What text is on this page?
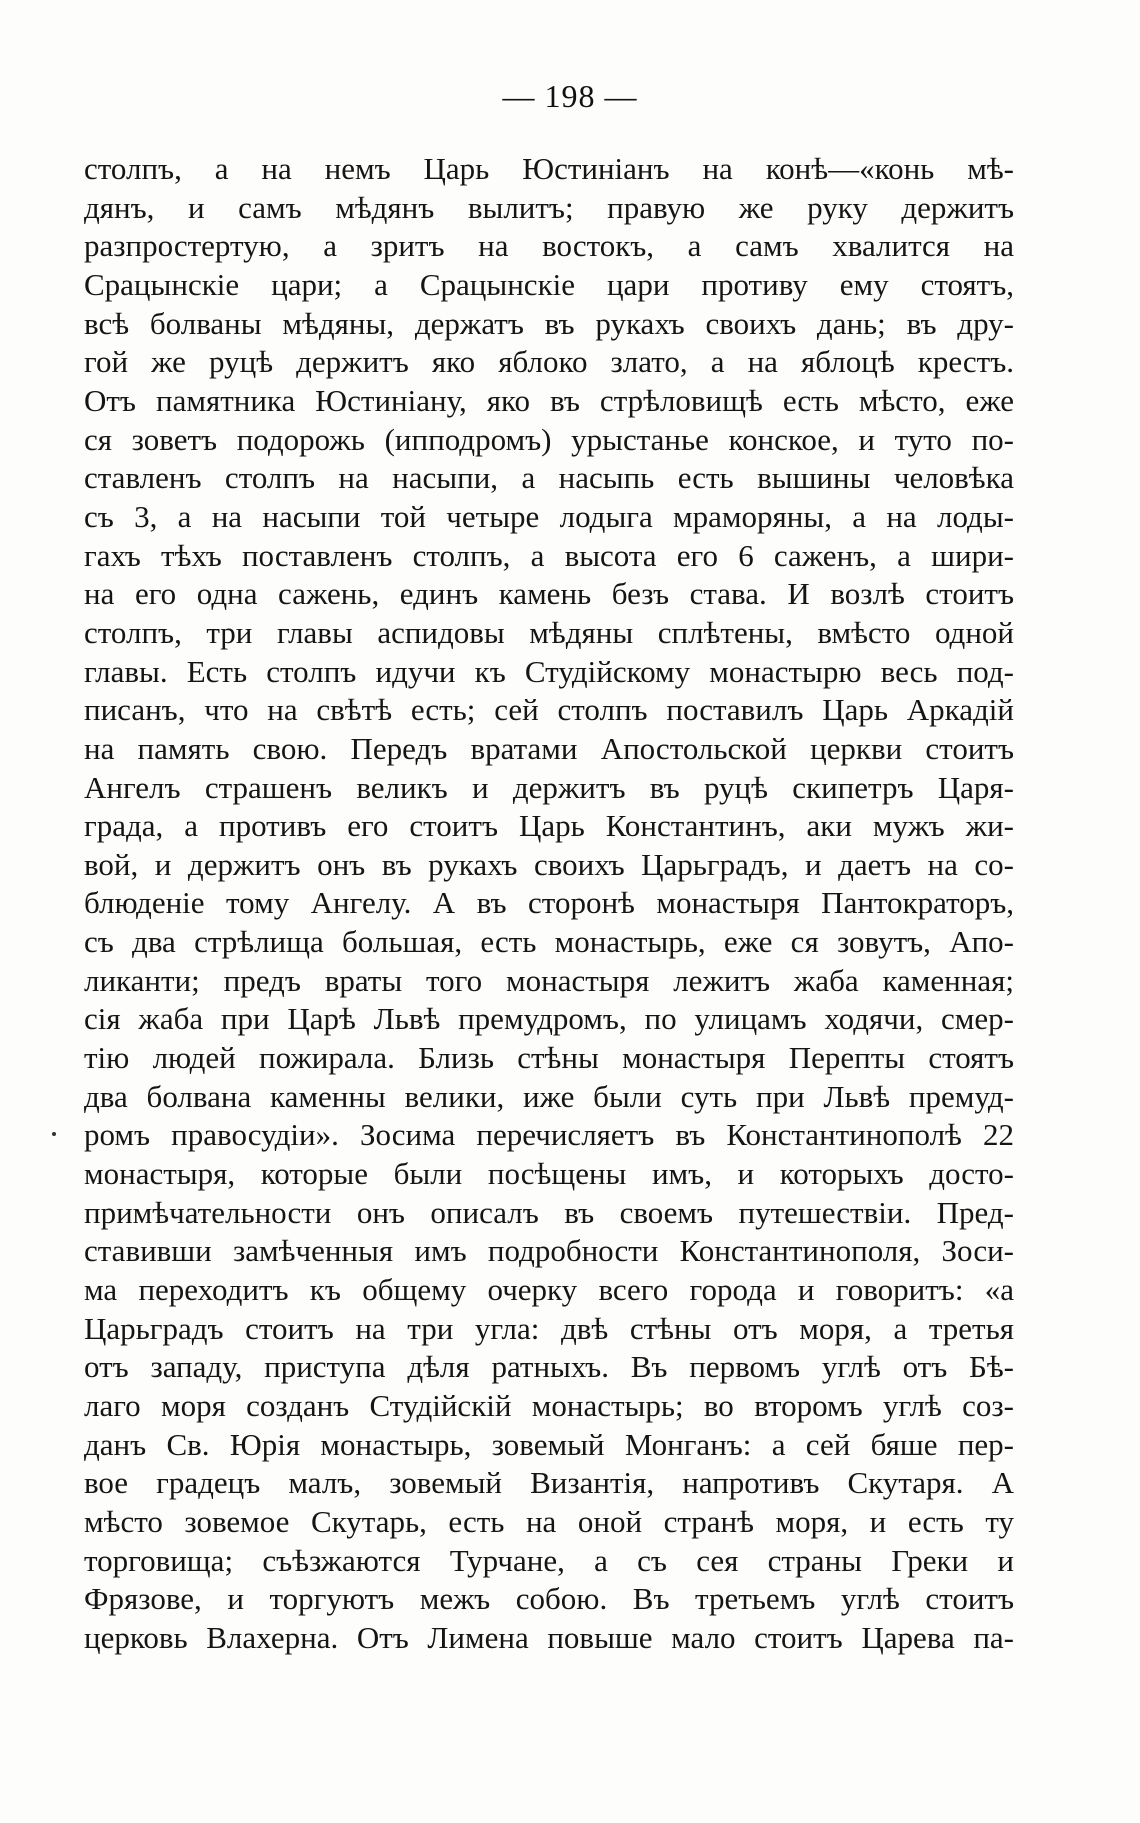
— 198 —
столпъ, а на немъ Царь Юстиніанъ на конѣ—«конь мѣ-
дянъ, и самъ мѣдянъ вылитъ; правую же руку держитъ
разпростертую, а зритъ на востокъ, а самъ хвалится на
Срацынскіе цари; а Срацынскіе цари противу ему стоятъ,
всѣ болваны мѣдяны, держатъ въ рукахъ своихъ дань; въ дру-
гой же руцѣ держитъ яко яблоко злато, а на яблоцѣ крестъ.
Отъ памятника Юстиніану, яко въ стрѣловищѣ есть мѣсто, еже
ся зоветъ подорожь (ипподромъ) урыстанье конское, и туто по-
ставленъ столпъ на насыпи, а насыпь есть вышины человѣка
съ 3, а на насыпи той четыре лодыга мраморяны, а на лоды-
гахъ тѣхъ поставленъ столпъ, а высота его 6 саженъ, а шири-
на его одна сажень, единъ камень безъ става. И возлѣ стоитъ
столпъ, три главы аспидовы мѣдяны сплѣтены, вмѣсто одной
главы. Есть столпъ идучи къ Студійскому монастырю весь под-
писанъ, что на свѣтѣ есть; сей столпъ поставилъ Царь Аркадій
на память свою. Передъ вратами Апостольской церкви стоитъ
Ангелъ страшенъ великъ и держитъ въ руцѣ скипетръ Царя-
града, а противъ его стоитъ Царь Константинъ, аки мужъ жи-
вой, и держитъ онъ въ рукахъ своихъ Царьградъ, и даетъ на со-
блюденіе тому Ангелу. А въ сторонѣ монастыря Пантократоръ,
съ два стрѣлища большая, есть монастырь, еже ся зовутъ, Апо-
ликанти; предъ враты того монастыря лежитъ жаба каменная;
сія жаба при Царѣ Львѣ премудромъ, по улицамъ ходячи, смер-
тію людей пожирала. Близь стѣны монастыря Перепты стоятъ
два болвана каменны велики, иже были суть при Львѣ премуд-
ромъ правосудіи». Зосима перечисляетъ въ Константинополѣ 22
монастыря, которые были посѣщены имъ, и которыхъ досто-
примѣчательности онъ описалъ въ своемъ путешествіи. Пред-
ставивши замѣченныя имъ подробности Константинополя, Зоси-
ма переходитъ къ общему очерку всего города и говоритъ: «а
Царьградъ стоитъ на три угла: двѣ стѣны отъ моря, а третья
отъ западу, приступа дѣля ратныхъ. Въ первомъ углѣ отъ Бѣ-
лаго моря созданъ Студійскій монастырь; во второмъ углѣ соз-
данъ Св. Юрія монастырь, зовемый Монганъ: а сей бяше пер-
вое градецъ малъ, зовемый Византія, напротивъ Скутаря. А
мѣсто зовемое Скутарь, есть на оной странѣ моря, и есть ту
торговища; съѣзжаются Турчане, а съ сея страны Греки и
Фрязове, и торгуютъ межъ собою. Въ третьемъ углѣ стоитъ
церковь Влахерна. Отъ Лимена повыше мало стоитъ Царева па-
